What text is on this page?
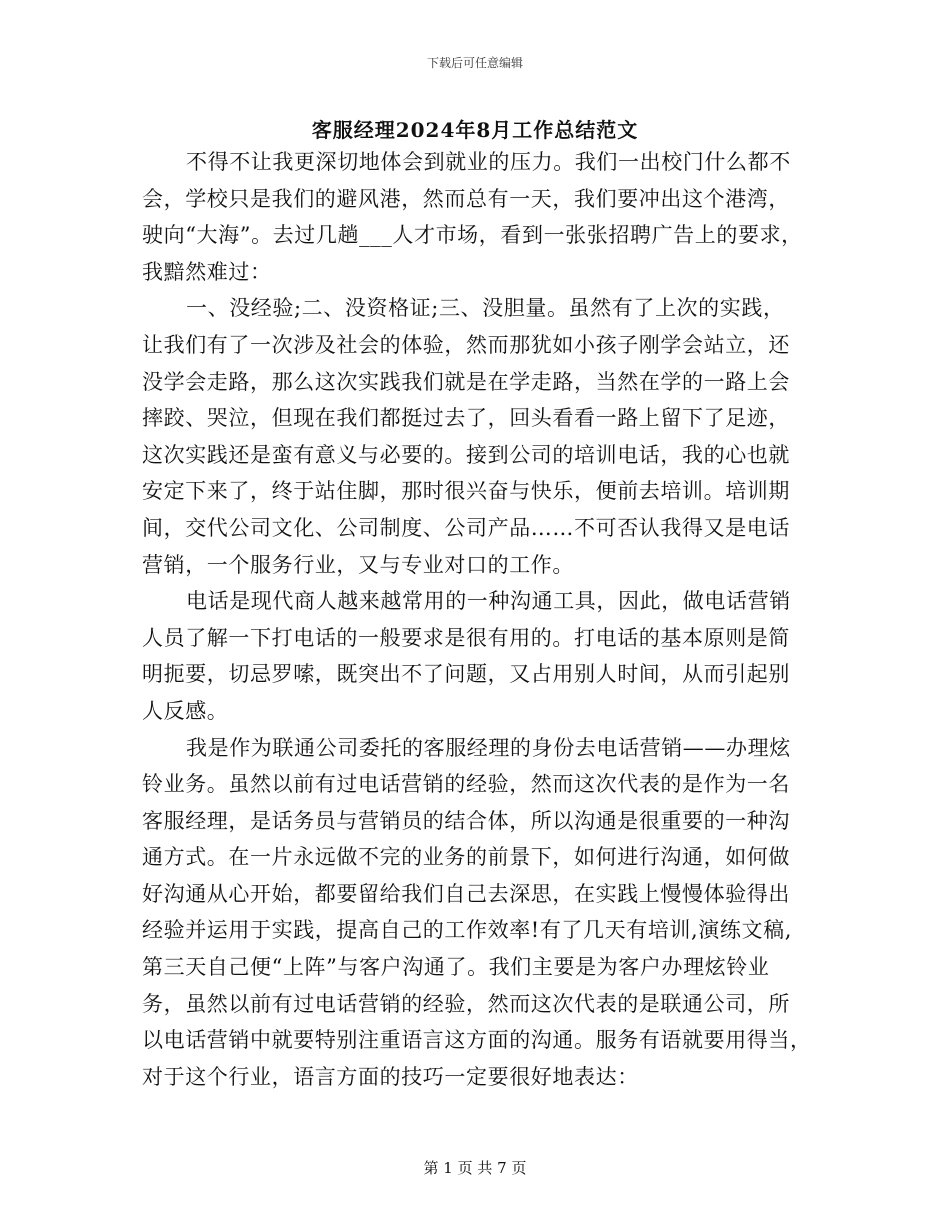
下载后可任意编辑
客服经理2024年8月工作总结范文
不得不让我更深切地体会到就业的压力。我们一出校门什么都不
会，学校只是我们的避风港，然而总有一天，我们要冲出这个港湾，
驶向“大海”。去过几趟___人才市场，看到一张张招聘广告上的要求，
我黯然难过：
一、没经验;二、没资格证;三、没胆量。虽然有了上次的实践，
让我们有了一次涉及社会的体验，然而那犹如小孩子刚学会站立，还
没学会走路，那么这次实践我们就是在学走路，当然在学的一路上会
摔跤、哭泣，但现在我们都挺过去了，回头看看一路上留下了足迹，
这次实践还是蛮有意义与必要的。接到公司的培训电话，我的心也就
安定下来了，终于站住脚，那时很兴奋与快乐，便前去培训。培训期
间，交代公司文化、公司制度、公司产品……不可否认我得又是电话
营销，一个服务行业，又与专业对口的工作。
电话是现代商人越来越常用的一种沟通工具，因此，做电话营销
人员了解一下打电话的一般要求是很有用的。打电话的基本原则是简
明扼要，切忌罗嗦，既突出不了问题，又占用别人时间，从而引起别
人反感。
我是作为联通公司委托的客服经理的身份去电话营销——办理炫
铃业务。虽然以前有过电话营销的经验，然而这次代表的是作为一名
客服经理，是话务员与营销员的结合体，所以沟通是很重要的一种沟
通方式。在一片永远做不完的业务的前景下，如何进行沟通，如何做
好沟通从心开始，都要留给我们自己去深思，在实践上慢慢体验得出
经验并运用于实践，提高自己的工作效率!有了几天有培训,演练文稿,
第三天自己便“上阵”与客户沟通了。我们主要是为客户办理炫铃业
务，虽然以前有过电话营销的经验，然而这次代表的是联通公司，所
以电话营销中就要特别注重语言这方面的沟通。服务有语就要用得当，
对于这个行业，语言方面的技巧一定要很好地表达：
第 1 页 共 7 页
